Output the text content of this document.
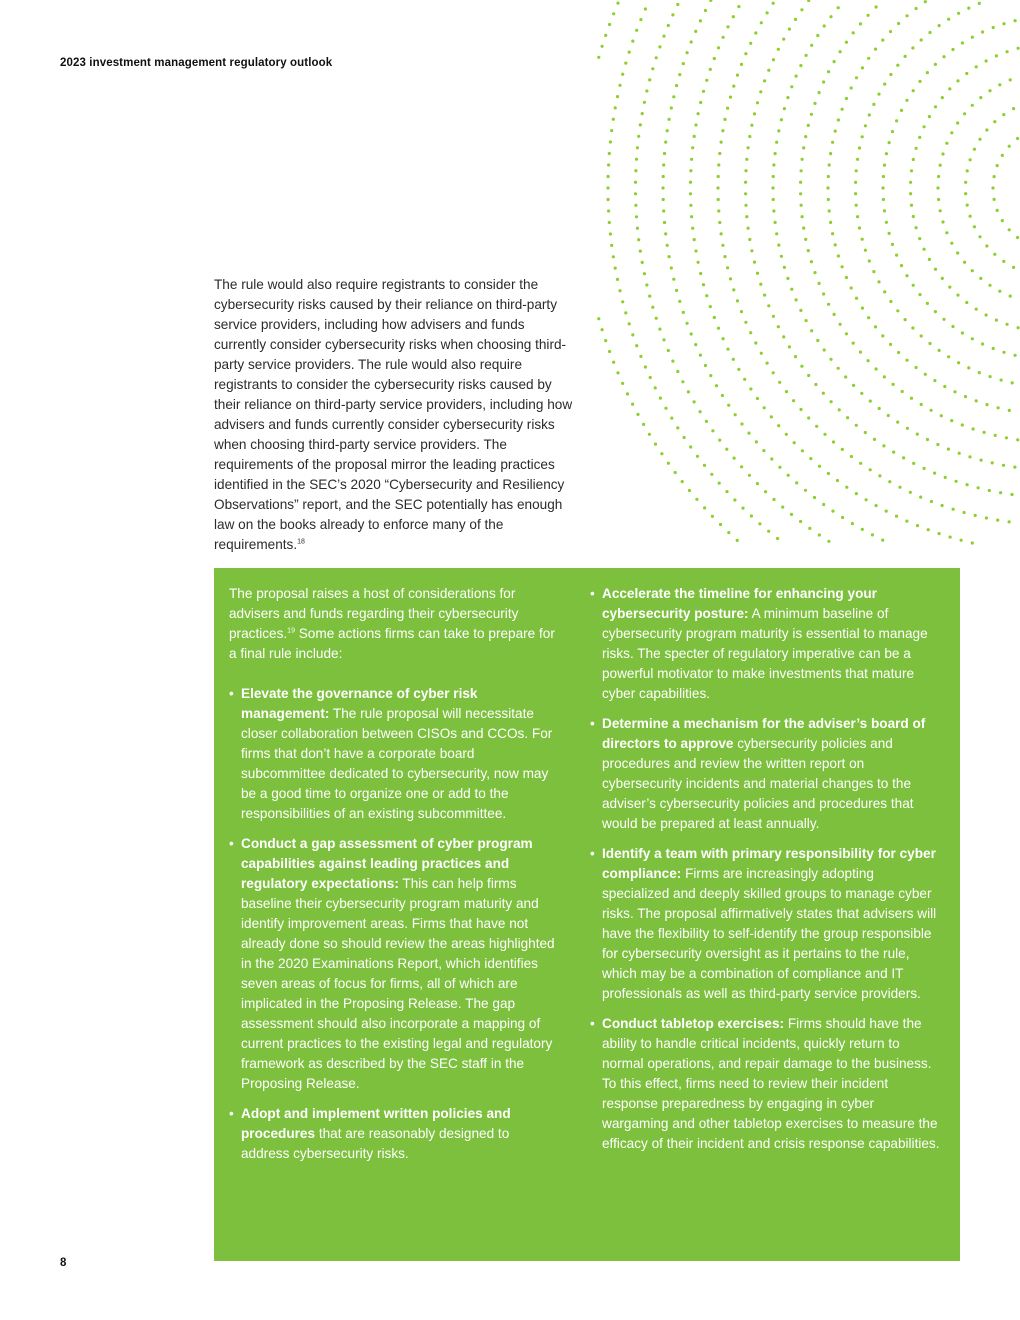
2023 investment management regulatory outlook
The rule would also require registrants to consider the cybersecurity risks caused by their reliance on third-party service providers, including how advisers and funds currently consider cybersecurity risks when choosing third-party service providers. The rule would also require registrants to consider the cybersecurity risks caused by their reliance on third-party service providers, including how advisers and funds currently consider cybersecurity risks when choosing third-party service providers. The requirements of the proposal mirror the leading practices identified in the SEC’s 2020 “Cybersecurity and Resiliency Observations” report, and the SEC potentially has enough law on the books already to enforce many of the requirements.$^{18}$

The proposal raises a host of considerations for advisers and funds regarding their cybersecurity practices.$^{19}$ Some actions firms can take to prepare for a final rule include:

• Elevate the governance of cyber risk management: The rule proposal will necessitate closer collaboration between CISOs and CCOs. For firms that don’t have a corporate board subcommittee dedicated to cybersecurity, now may be a good time to organize one or add to the responsibilities of an existing subcommittee.
• Conduct a gap assessment of cyber program capabilities against leading practices and regulatory expectations: This can help firms baseline their cybersecurity program maturity and identify improvement areas. Firms that have not already done so should review the areas highlighted in the 2020 Examinations Report, which identifies seven areas of focus for firms, all of which are implicated in the Proposing Release. The gap assessment should also incorporate a mapping of current practices to the existing legal and regulatory framework as described by the SEC staff in the Proposing Release.
• Adopt and implement written policies and procedures that are reasonably designed to address cybersecurity risks.
• Accelerate the timeline for enhancing your cybersecurity posture: A minimum baseline of cybersecurity program maturity is essential to manage risks. The specter of regulatory imperative can be a powerful motivator to make investments that mature cyber capabilities.
• Determine a mechanism for the adviser’s board of directors to approve cybersecurity policies and procedures and review the written report on cybersecurity incidents and material changes to the adviser’s cybersecurity policies and procedures that would be prepared at least annually.
• Identify a team with primary responsibility for cyber compliance: Firms are increasingly adopting specialized and deeply skilled groups to manage cyber risks. The proposal affirmatively states that advisers will have the flexibility to self-identify the group responsible for cybersecurity oversight as it pertains to the rule, which may be a combination of compliance and IT professionals as well as third-party service providers.
• Conduct tabletop exercises: Firms should have the ability to handle critical incidents, quickly return to normal operations, and repair damage to the business. To this effect, firms need to review their incident response preparedness by engaging in cyber wargaming and other tabletop exercises to measure the efficacy of their incident and crisis response capabilities.
8
